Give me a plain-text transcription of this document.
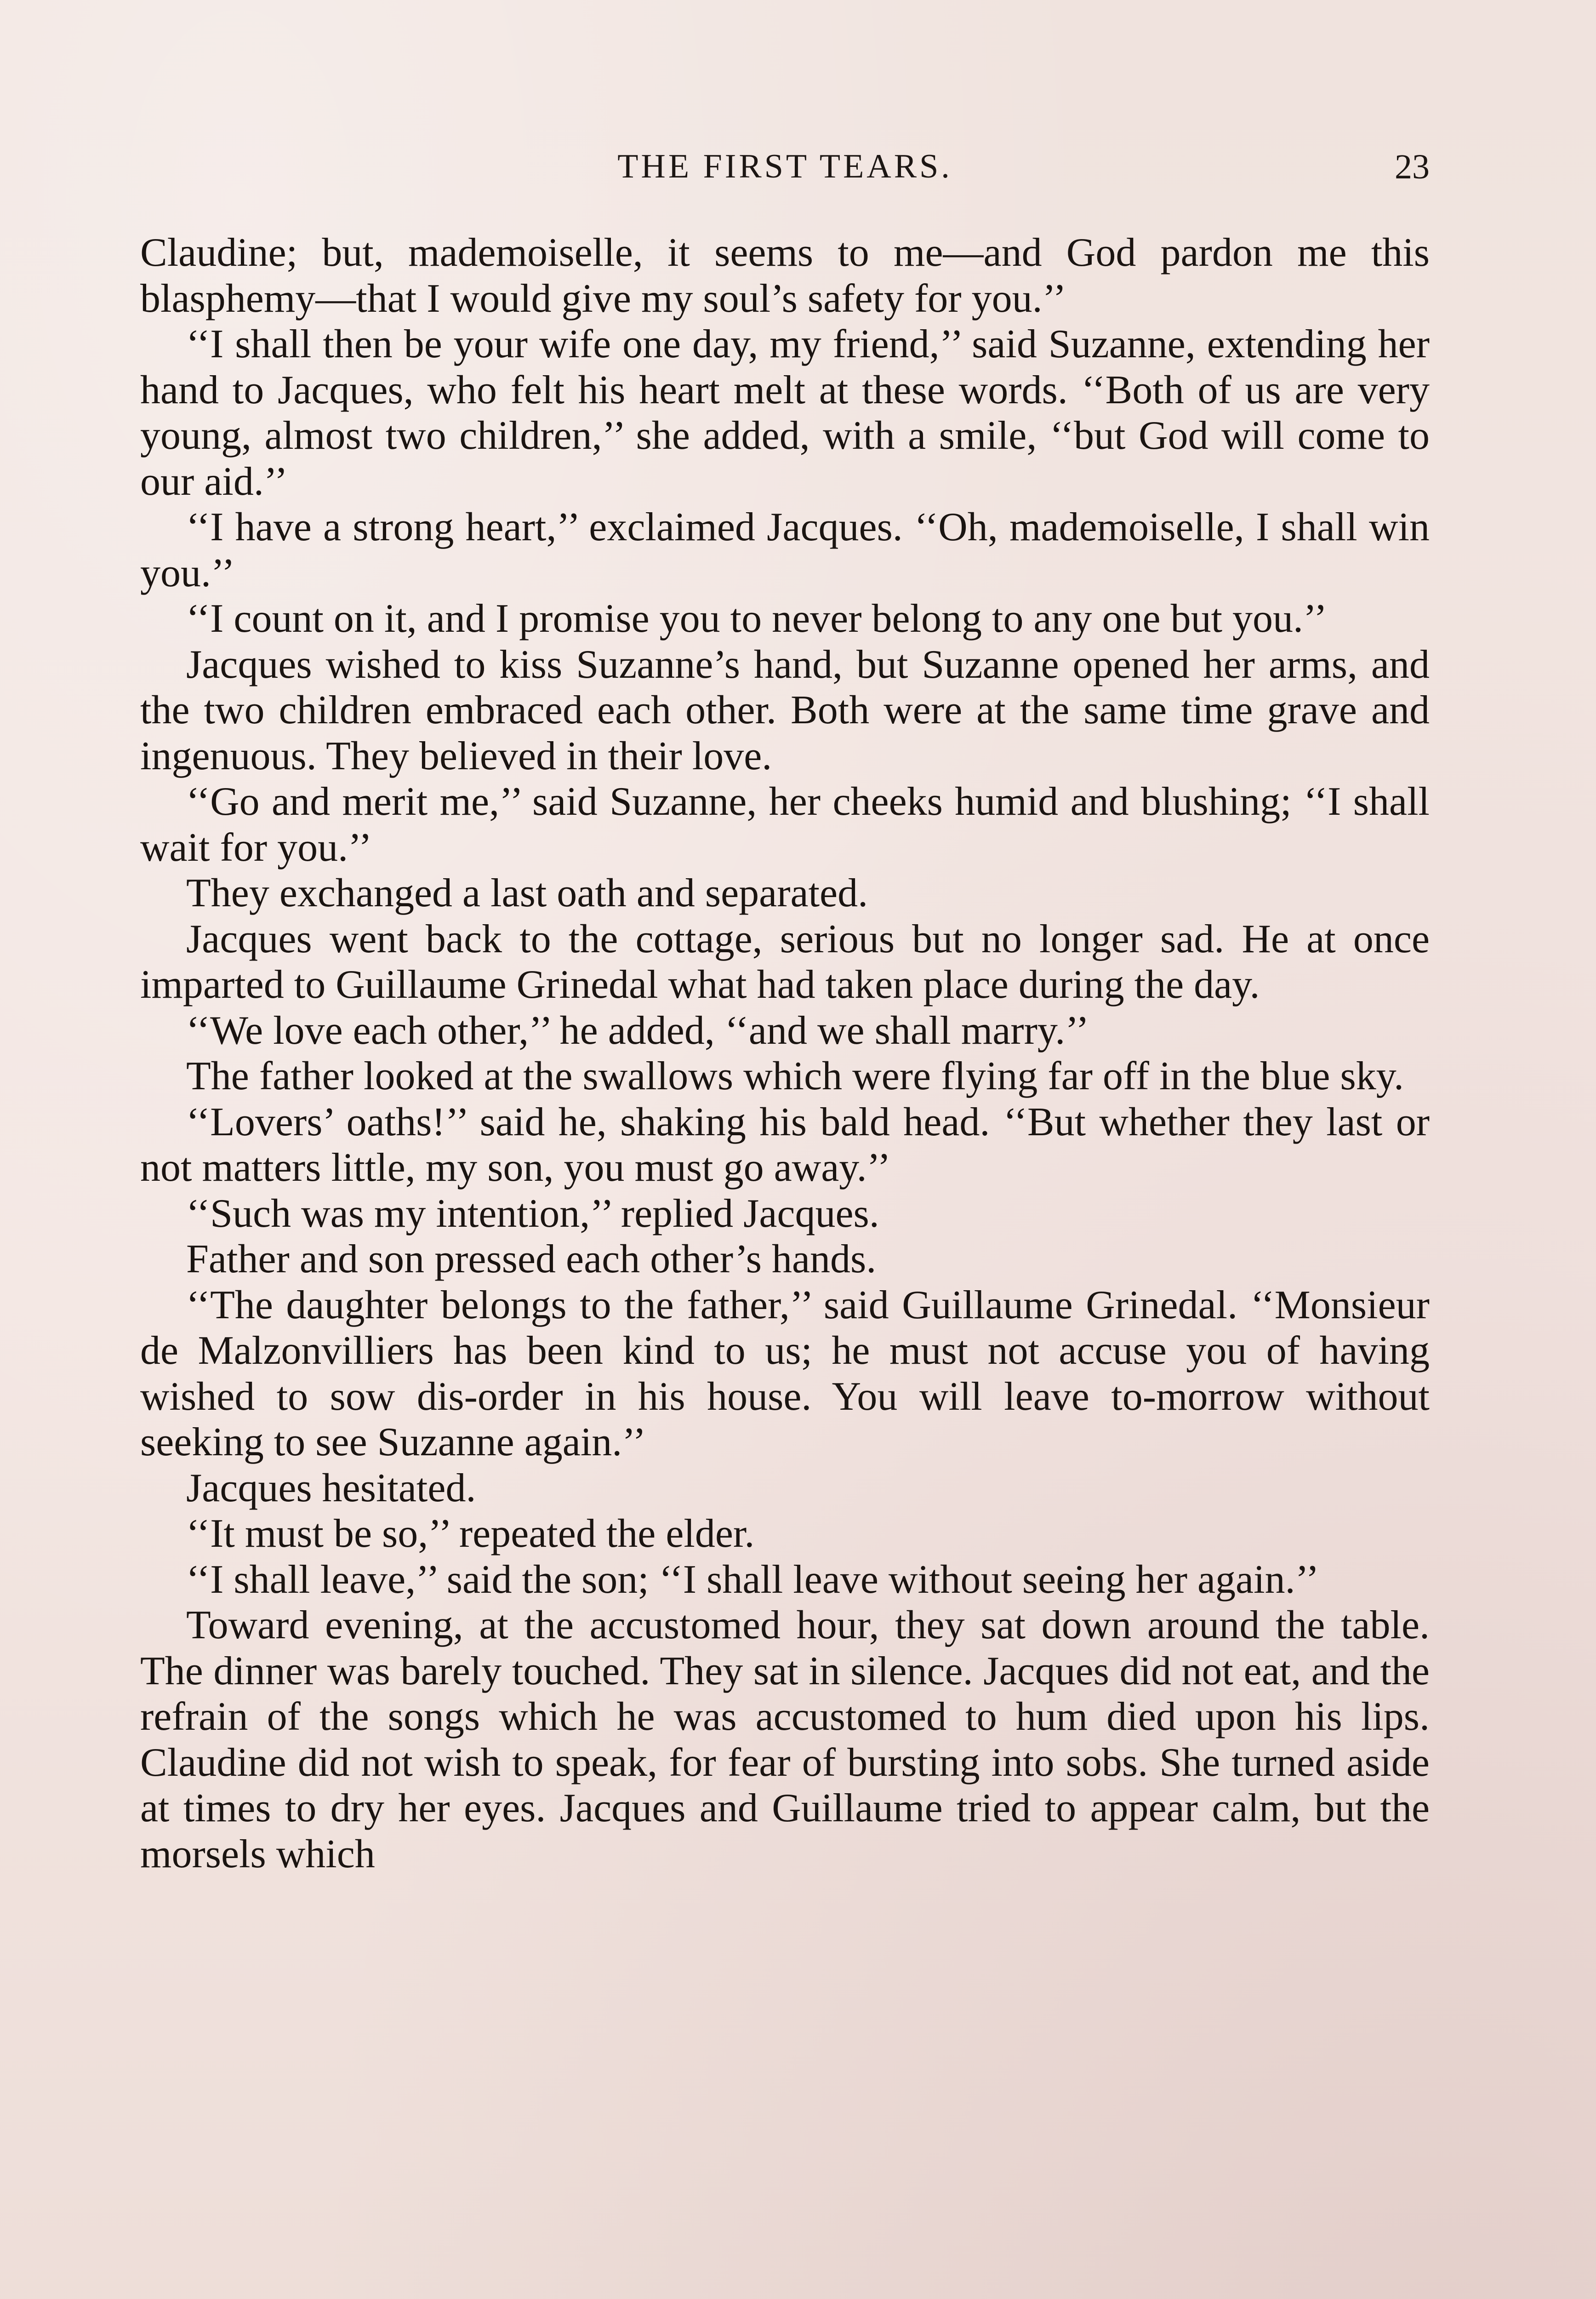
THE FIRST TEARS.	23

Claudine; but, mademoiselle, it seems to me—and God pardon me this blasphemy—that I would give my soul’s safety for you.’’

‘‘I shall then be your wife one day, my friend,’’ said Suzanne, extending her hand to Jacques, who felt his heart melt at these words. ‘‘Both of us are very young, almost two children,’’ she added, with a smile, ‘‘but God will come to our aid.’’

‘‘I have a strong heart,’’ exclaimed Jacques. ‘‘Oh, mademoiselle, I shall win you.’’

‘‘I count on it, and I promise you to never belong to any one but you.’’

Jacques wished to kiss Suzanne’s hand, but Suzanne opened her arms, and the two children embraced each other. Both were at the same time grave and ingenuous. They believed in their love.

‘‘Go and merit me,’’ said Suzanne, her cheeks humid and blushing; ‘‘I shall wait for you.’’

They exchanged a last oath and separated.

Jacques went back to the cottage, serious but no longer sad. He at once imparted to Guillaume Grinedal what had taken place during the day.

‘‘We love each other,’’ he added, ‘‘and we shall marry.’’

The father looked at the swallows which were flying far off in the blue sky.

‘‘Lovers’ oaths!’’ said he, shaking his bald head. ‘‘But whether they last or not matters little, my son, you must go away.’’

‘‘Such was my intention,’’ replied Jacques.

Father and son pressed each other’s hands.

‘‘The daughter belongs to the father,’’ said Guillaume Grinedal. ‘‘Monsieur de Malzonvilliers has been kind to us; he must not accuse you of having wished to sow dis-order in his house. You will leave to-morrow without seeking to see Suzanne again.’’

Jacques hesitated.

‘‘It must be so,’’ repeated the elder.

‘‘I shall leave,’’ said the son; ‘‘I shall leave without seeing her again.’’

Toward evening, at the accustomed hour, they sat down around the table. The dinner was barely touched. They sat in silence. Jacques did not eat, and the refrain of the songs which he was accustomed to hum died upon his lips. Claudine did not wish to speak, for fear of bursting into sobs. She turned aside at times to dry her eyes. Jacques and Guillaume tried to appear calm, but the morsels which
